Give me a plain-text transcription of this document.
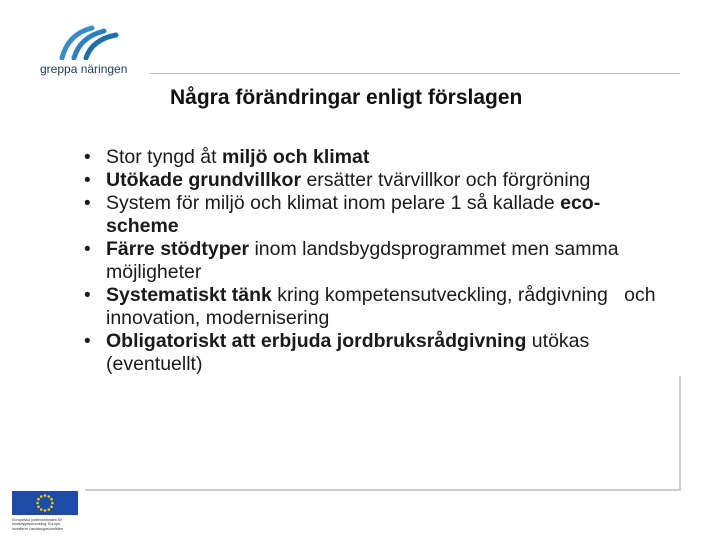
greppa näringen
Några förändringar enligt förslagen
• Stor tyngd åt miljö och klimat
• Utökade grundvillkor ersätter tvärvillkor och förgröning
• System för miljö och klimat inom pelare 1 så kallade eco-scheme
• Färre stödtyper inom landsbygdsprogrammet men samma möjligheter
• Systematiskt tänk kring kompetensutveckling, rådgivning   och innovation, modernisering
• Obligatoriskt att erbjuda jordbruksrådgivning utökas (eventuellt)
Europeiska jordbruksfonden för
landsbygdsutveckling: Europa
investerar i landsbygdsområden
